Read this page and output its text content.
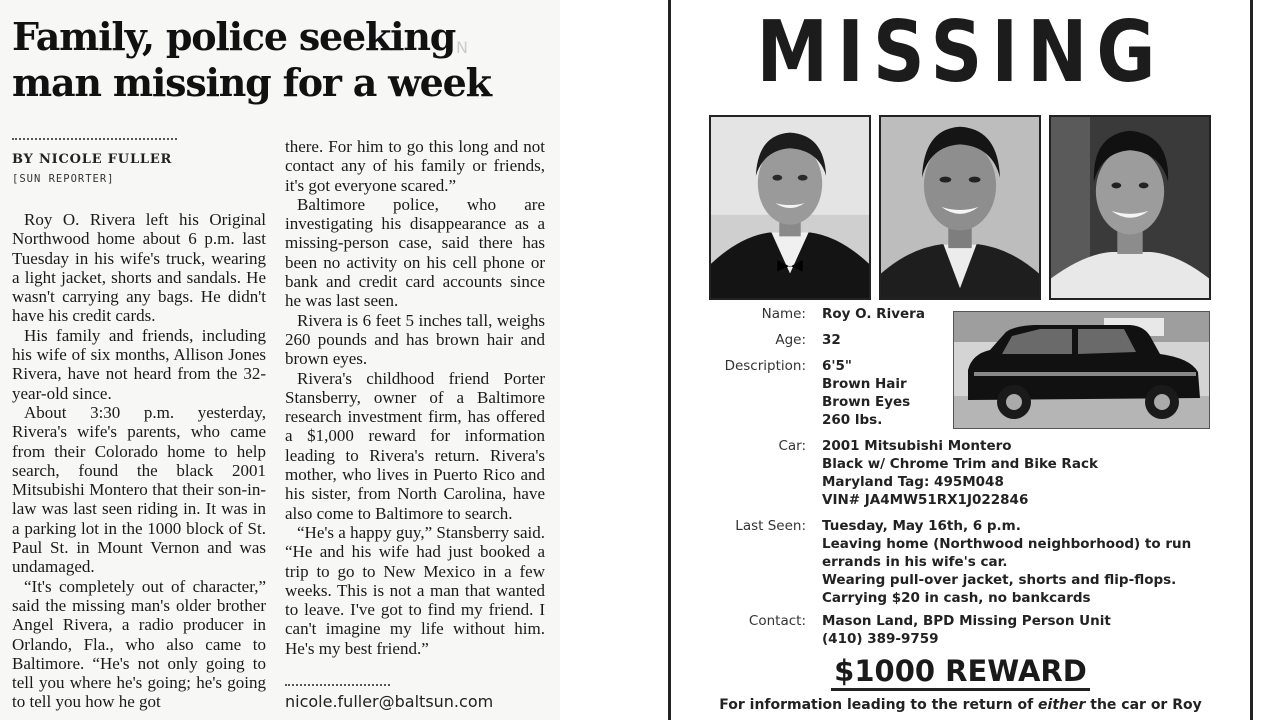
Family, police seeking
man missing for a week
N
BY NICOLE FULLER
[SUN REPORTER]

Roy O. Rivera left his Original Northwood home about 6 p.m. last Tuesday in his wife's truck, wearing a light jacket, shorts and sandals. He wasn't carrying any bags. He didn't have his credit cards.

His family and friends, including his wife of six months, Allison Jones Rivera, have not heard from the 32-year-old since.

About 3:30 p.m. yesterday, Rivera's wife's parents, who came from their Colorado home to help search, found the black 2001 Mitsubishi Montero that their son-in-law was last seen riding in. It was in a parking lot in the 1000 block of St. Paul St. in Mount Vernon and was undamaged.

“It's completely out of character,” said the missing man's older brother Angel Rivera, a radio producer in Orlando, Fla., who also came to Baltimore. “He's not only going to tell you where he's going; he's going to tell you how he got

there. For him to go this long and not contact any of his family or friends, it's got everyone scared.”

Baltimore police, who are investigating his disappearance as a missing-person case, said there has been no activity on his cell phone or bank and credit card accounts since he was last seen.

Rivera is 6 feet 5 inches tall, weighs 260 pounds and has brown hair and brown eyes.

Rivera's childhood friend Porter Stansberry, owner of a Baltimore research investment firm, has offered a $1,000 reward for information leading to Rivera's return. Rivera's mother, who lives in Puerto Rico and his sister, from North Carolina, have also come to Baltimore to search.

“He's a happy guy,” Stansberry said. “He and his wife had just booked a trip to go to New Mexico in a few weeks. This is not a man that wanted to leave. I've got to find my friend. I can't imagine my life without him. He's my best friend.”

nicole.fuller@baltsun.com
MISSING
Name: Roy O. Rivera
Age: 32
Description: 6'5"
Brown Hair
Brown Eyes
260 lbs.
Car: 2001 Mitsubishi Montero
Black w/ Chrome Trim and Bike Rack
Maryland Tag: 495M048
VIN# JA4MW51RX1J022846
Last Seen: Tuesday, May 16th, 6 p.m.
Leaving home (Northwood neighborhood) to run
errands in his wife's car.
Wearing pull-over jacket, shorts and flip-flops.
Carrying $20 in cash, no bankcards
Contact: Mason Land, BPD Missing Person Unit
(410) 389-9759
$1000 REWARD
For information leading to the return of either the car or Roy
